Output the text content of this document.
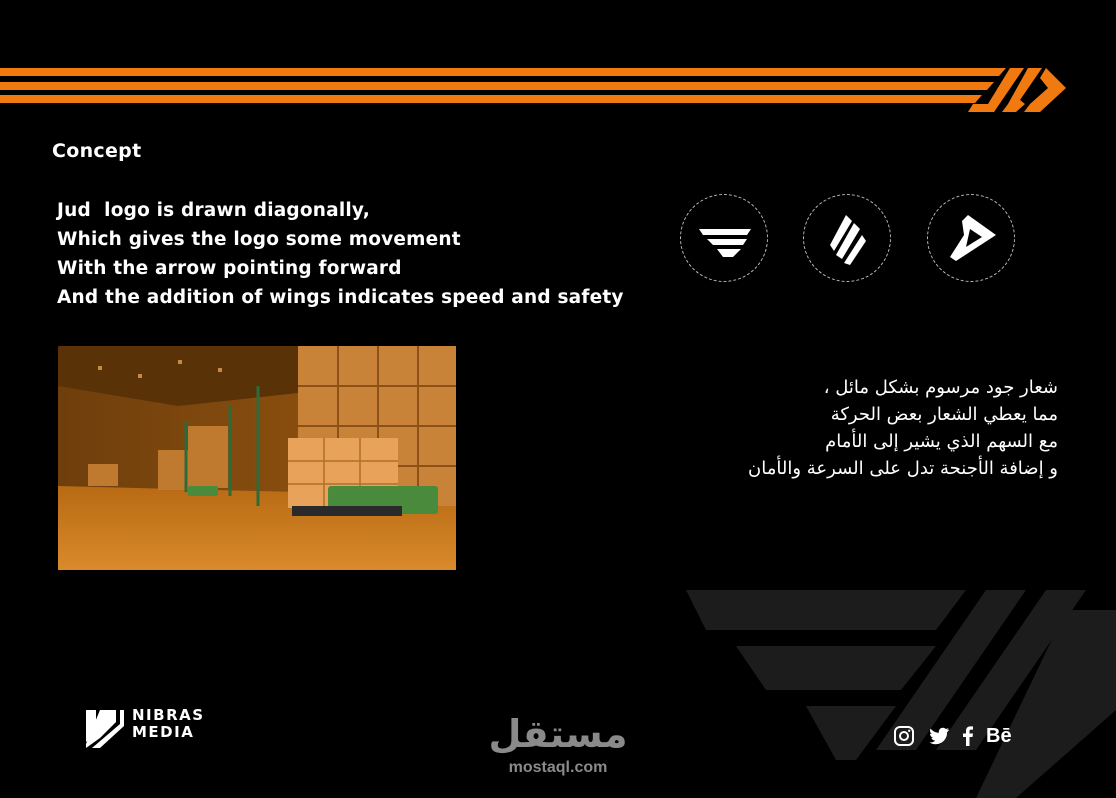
Concept
Jud  logo is drawn diagonally,
Which gives the logo some movement
With the arrow pointing forward
And the addition of wings indicates speed and safety
شعار جود مرسوم بشكل مائل ،
مما يعطي الشعار بعض الحركة
مع السهم الذي يشير إلى الأمام
و إضافة الأجنحة تدل على السرعة والأمان
NIBRAS
MEDIA	مستقل
mostaql.com
Bē
